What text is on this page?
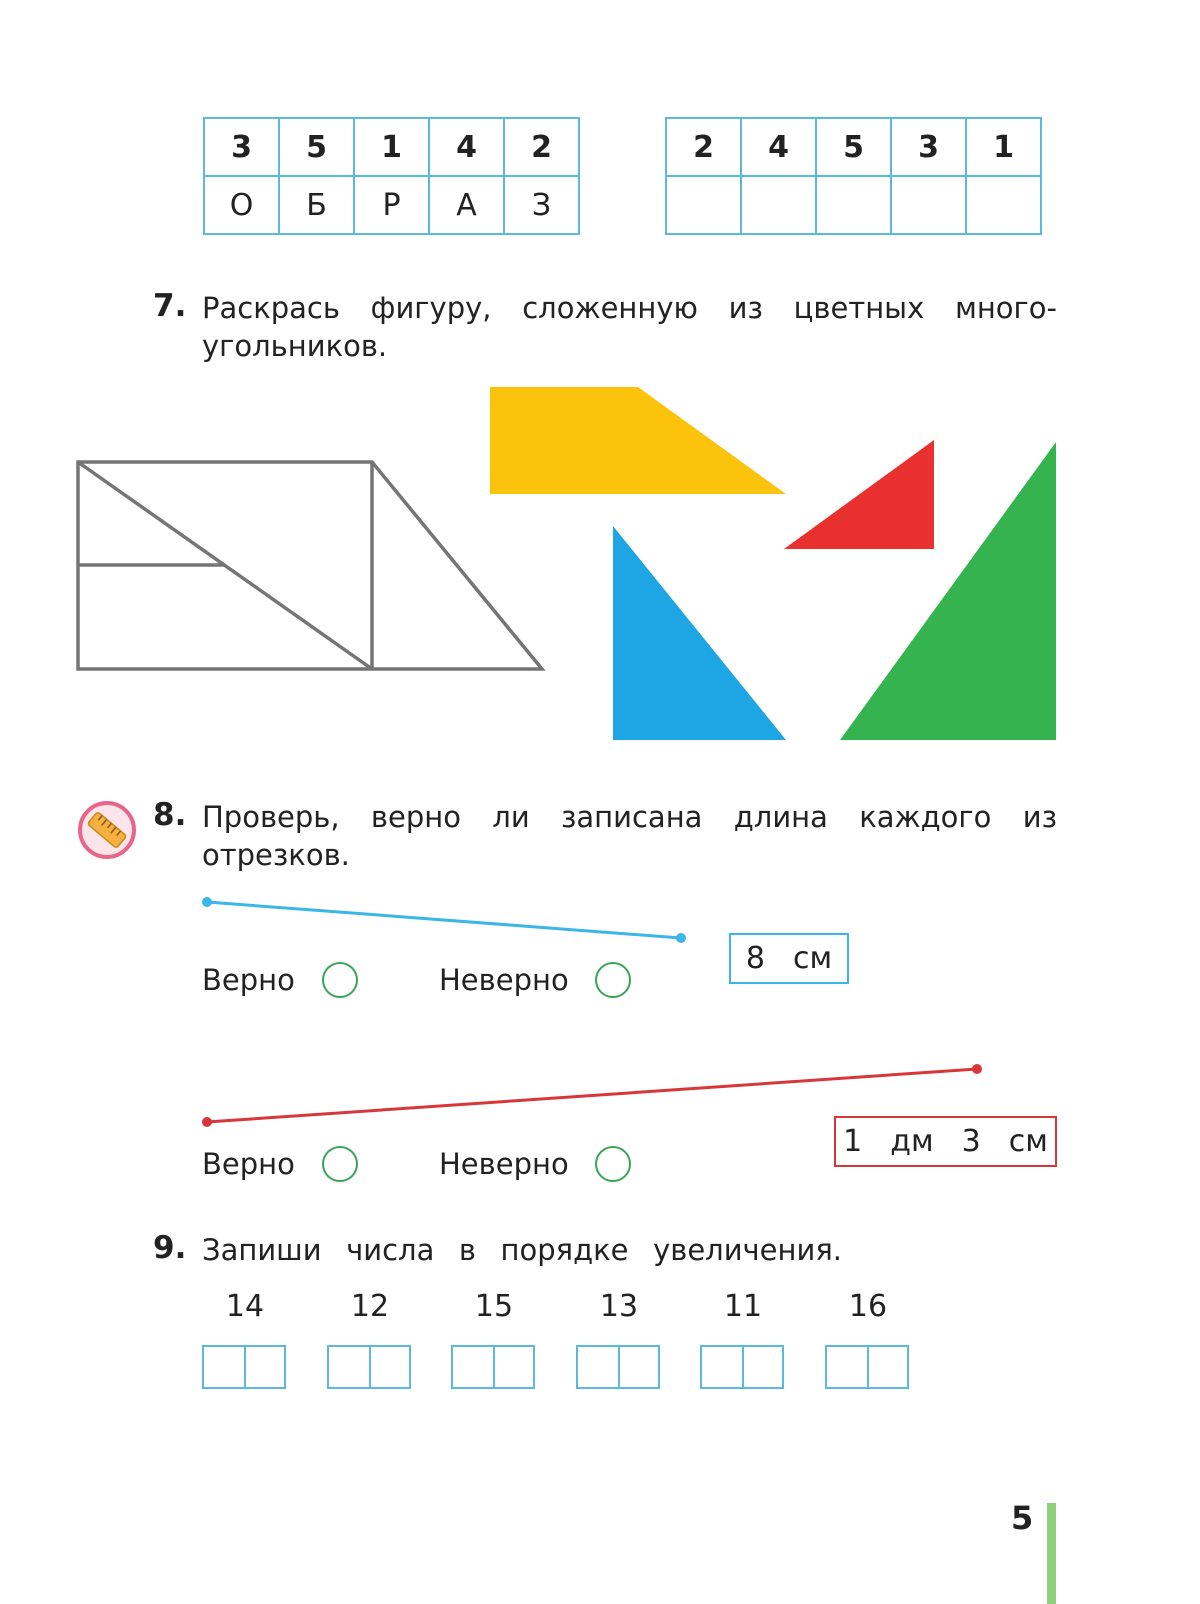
3	5	1	4	2
О	Б	Р	А	З
2	4	5	3	1

7. Раскрась фигуру, сложенную из цветных много-
угольников.
8. Проверь, верно ли записана длина каждого из
отрезков.
Верно	Неверно
8 см
Верно	Неверно
1 дм 3 см
9. Запиши числа в порядке увеличения.
14	12	15	13	11	16
5
